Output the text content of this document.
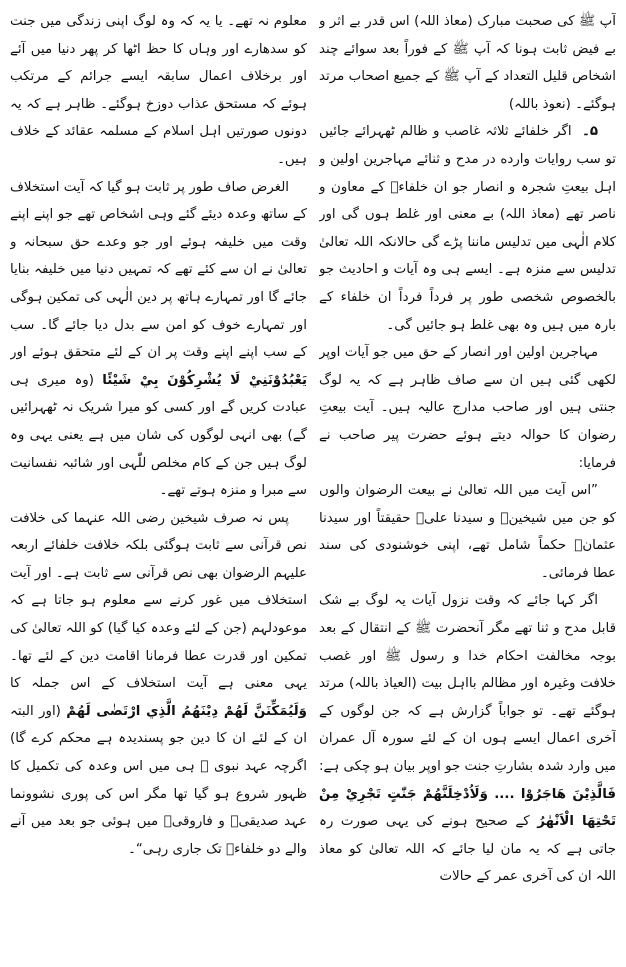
آپ ﷺ کی صحبت مبارک (معاذ اللہ) اس قدر بے اثر و بے فیض ثابت ہونا کہ آپ ﷺ کے فوراً بعد سوائے چند اشخاص قلیل التعداد کے آپ ﷺ کے جمیع اصحاب مرتد ہوگئے۔ (نعوذ باللہ)

۵۔  اگر خلفائے ثلاثہ غاصب و ظالم ٹھہرائے جائیں تو سب روایات وارده در مدح و ثنائے مہاجرین اولین و اہل بیعتِ شجرہ و انصار جو ان خلفاءؓ کے معاون و ناصر تھے (معاذ اللہ) بے معنی اور غلط ہوں گی اور کلام الٰہی میں تدلیس ماننا پڑے گی حالانکہ اللہ تعالیٰ تدلیس سے منزہ ہے۔ ایسے ہی وہ آیات و احادیث جو بالخصوص شخصی طور پر فرداً فرداً ان خلفاء کے بارہ میں ہیں وہ بھی غلط ہو جائیں گی۔

مہاجرین اولین اور انصار کے حق میں جو آیات اوپر لکھی گئی ہیں ان سے صاف ظاہر ہے کہ یہ لوگ جنتی ہیں اور صاحب مدارج عالیہ ہیں۔ آیت بیعتِ رضوان کا حوالہ دیتے ہوئے حضرت پیر صاحب نے فرمایا:

”اس آیت میں اللہ تعالیٰ نے بیعت الرضوان والوں کو جن میں شیخینؓ و سیدنا علیؓ حقیقتاً اور سیدنا عثمانؓ حکماً شامل تھے، اپنی خوشنودی کی سند عطا فرمائی۔

اگر کہا جائے کہ وقت نزول آیات یہ لوگ بے شک قابل مدح و ثنا تھے مگر آنحضرت ﷺ کے انتقال کے بعد بوجہ مخالفت احکام خدا و رسول ﷺ اور غصب خلافت وغیرہ اور مظالم بااہل بیت (العیاذ باللہ) مرتد ہوگئے تھے۔ تو جواباً گزارش ہے کہ جن لوگوں کے آخری اعمال ایسے ہوں ان کے لئے سورہ آل عمران میں وارد شدہ بشارتِ جنت جو اوپر بیان ہو چکی ہے: فَالَّذِيْنَ هَاجَرُوْا .... وَلَاُدْخِلَنَّهُمْ جَنّٰتٍ تَجْرِيْ مِنْ تَحْتِهَا الْاَنْهٰرُ کے صحیح ہونے کی یہی صورت رہ جاتی ہے کہ یہ مان لیا جائے کہ اللہ تعالیٰ کو معاذ اللہ ان کی آخری عمر کے حالات

معلوم نہ تھے۔ یا یہ کہ وہ لوگ اپنی زندگی میں جنت کو سدھارے اور وہاں کا حظ اٹھا کر پھر دنیا میں آئے اور برخلاف اعمال سابقہ ایسے جرائم کے مرتکب ہوئے کہ مستحق عذاب دوزخ ہوگئے۔ ظاہر ہے کہ یہ دونوں صورتیں اہل اسلام کے مسلمہ عقائد کے خلاف ہیں۔

الغرض صاف طور پر ثابت ہو گیا کہ آیت استخلاف کے ساتھ وعدہ دیئے گئے وہی اشخاص تھے جو اپنے اپنے وقت میں خلیفہ ہوئے اور جو وعدے حق سبحانہ و تعالیٰ نے ان سے کئے تھے کہ تمہیں دنیا میں خلیفہ بنایا جائے گا اور تمہارے ہاتھ پر دین الٰہی کی تمکین ہوگی اور تمہارے خوف کو امن سے بدل دیا جائے گا۔ سب کے سب اپنے اپنے وقت پر ان کے لئے متحقق ہوئے اور يَعْبُدُوْنَنِيْ لَا يُشْرِكُوْنَ بِيْ شَيْئًا (وہ میری ہی عبادت کریں گے اور کسی کو میرا شریک نہ ٹھہرائیں گے) بھی انہی لوگوں کی شان میں ہے یعنی یہی وہ لوگ ہیں جن کے کام مخلص للّٰہی اور شائبہ نفسانیت سے مبرا و منزہ ہوتے تھے۔

پس نہ صرف شیخین رضی اللہ عنہما کی خلافت نص قرآنی سے ثابت ہوگئی بلکہ خلافت خلفائے اربعہ علیہم الرضوان بھی نص قرآنی سے ثابت ہے۔ اور آیت استخلاف میں غور کرنے سے معلوم ہو جاتا ہے کہ موعودلہم (جن کے لئے وعدہ کیا گیا) کو اللہ تعالیٰ کی تمکین اور قدرت عطا فرمانا اقامت دین کے لئے تھا۔ یہی معنی ہے آیت استخلاف کے اس جملہ کا وَلَيُمَكِّنَنَّ لَهُمْ دِيْنَهُمُ الَّذِي ارْتَضٰى لَهُمْ (اور البتہ ان کے لئے ان کا دین جو پسندیدہ ہے محکم کرے گا) اگرچہ عہد نبوی ﷺ ہی میں اس وعدہ کی تکمیل کا ظہور شروع ہو گیا تھا مگر اس کی پوری نشوونما عہد صدیقیؓ و فاروقیؓ میں ہوئی جو بعد میں آنے والے دو خلفاءؓ تک جاری رہی“۔
